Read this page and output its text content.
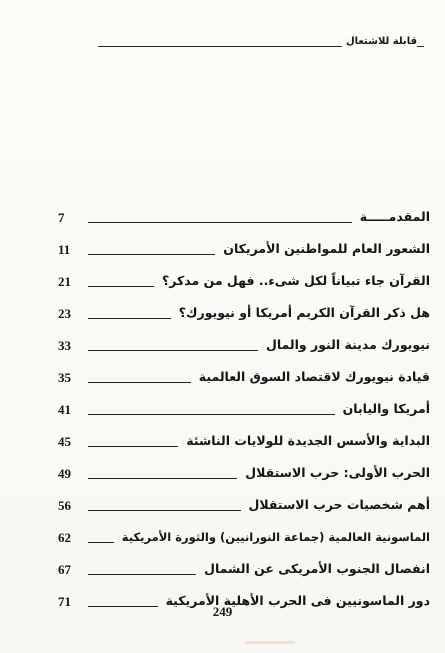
قابلة للاشتعال
المقدمـــــة
7
الشعور العام للمواطنين الأمريكان
11
القرآن جاء تبياناً لكل شىء.. فهل من مدكر؟
21
هل ذكر القرآن الكريم أمريكا أو نيويورك؟
23
نيويورك مدينة النور والمال
33
قيادة نيويورك لاقتصاد السوق العالمية
35
أمريكا واليابان
41
البداية والأسس الجديدة للولايات الناشئة
45
الحرب الأولى: حرب الاستقلال
49
أهم شخصيات حرب الاستقلال
56
الماسونية العالمية (جماعة النورانيين) والثورة الأمريكية
62
انفصال الجنوب الأمريكى عن الشمال
67
دور الماسونيين فى الحرب الأهلية الأمريكية
71
249
